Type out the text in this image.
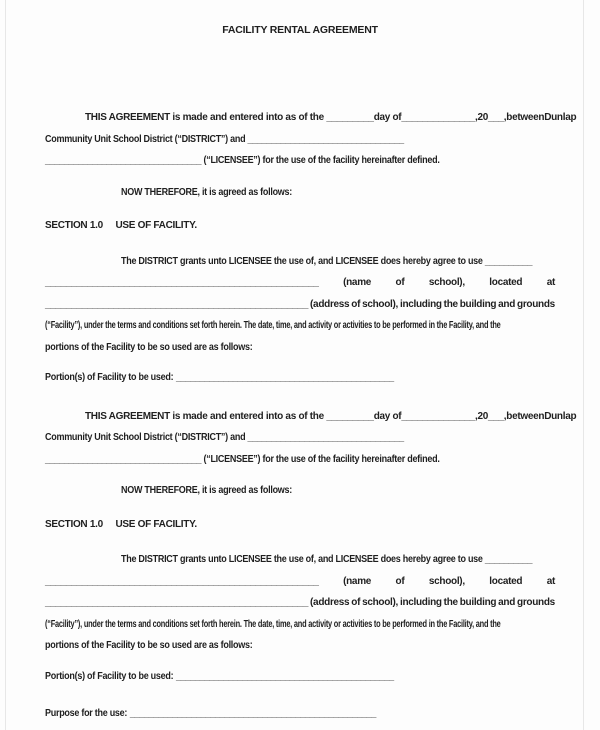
FACILITY RENTAL AGREEMENT
THIS AGREEMENT is made and entered into as of the _________ day of ______________, 20___, between Dunlap
Community Unit School District (“DISTRICT”) and _________________________________
_________________________________ (“LICENSEE”) for the use of the facility hereinafter defined.
NOW THEREFORE, it is agreed as follows:
SECTION 1.0 USE OF FACILITY.
The DISTRICT grants unto LICENSEE the use of, and LICENSEE does hereby agree to use __________
____________________________________________________ (name of school), located at
__________________________________________________ (address of school), including the building and grounds
(“Facility”), under the terms and conditions set forth herein. The date, time, and activity or activities to be performed in the Facility, and the
portions of the Facility to be so used are as follows:
Portion(s) of Facility to be used: ______________________________________________
THIS AGREEMENT is made and entered into as of the _________ day of ______________, 20___, between Dunlap
Community Unit School District (“DISTRICT”) and _________________________________
_________________________________ (“LICENSEE”) for the use of the facility hereinafter defined.
NOW THEREFORE, it is agreed as follows:
SECTION 1.0 USE OF FACILITY.
The DISTRICT grants unto LICENSEE the use of, and LICENSEE does hereby agree to use __________
____________________________________________________ (name of school), located at
__________________________________________________ (address of school), including the building and grounds
(“Facility”), under the terms and conditions set forth herein. The date, time, and activity or activities to be performed in the Facility, and the
portions of the Facility to be so used are as follows:
Portion(s) of Facility to be used: ______________________________________________
Purpose for the use: ____________________________________________________
